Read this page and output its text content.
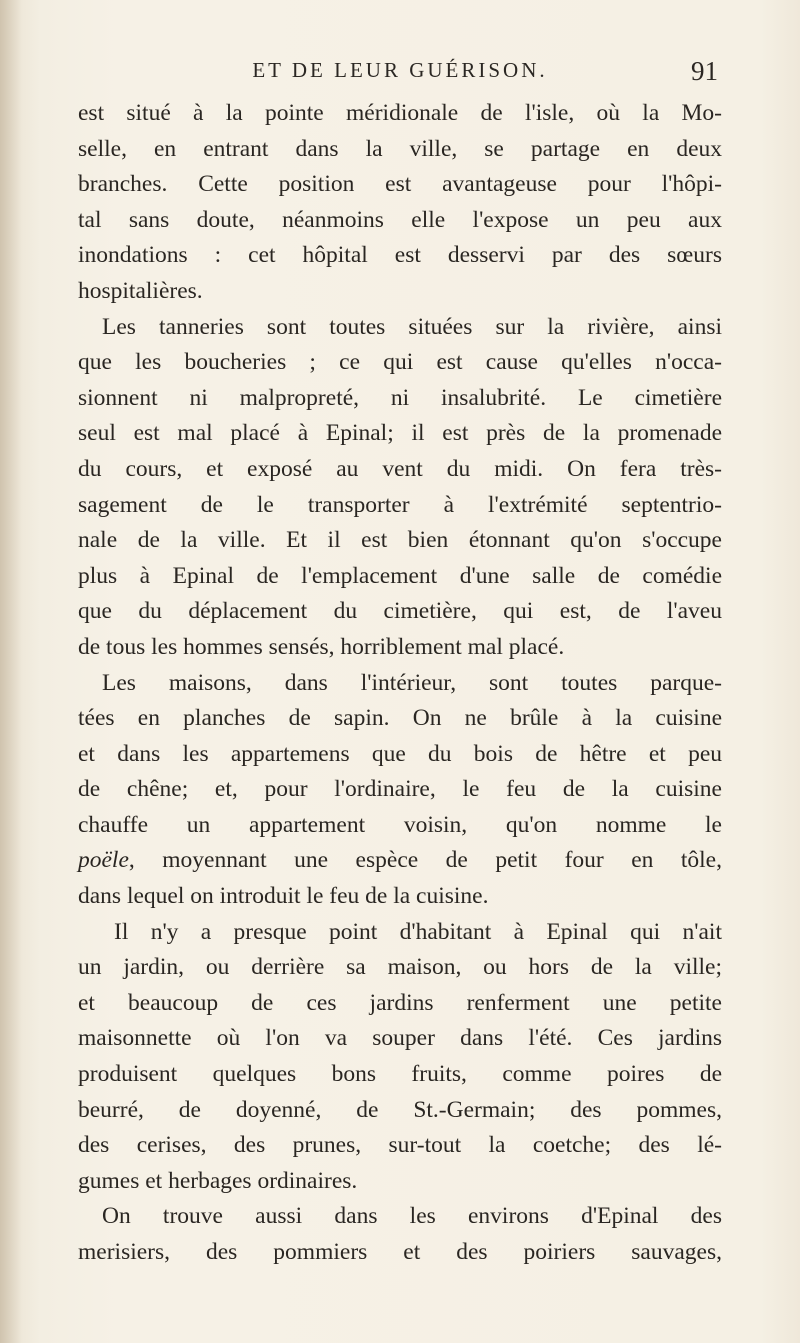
ET DE LEUR GUÉRISON.	91
est situé à la pointe méridionale de l'isle, où la Mo-
selle, en entrant dans la ville, se partage en deux
branches. Cette position est avantageuse pour l'hôpi-
tal sans doute, néanmoins elle l'expose un peu aux
inondations : cet hôpital est desservi par des sœurs
hospitalières.
Les tanneries sont toutes situées sur la rivière, ainsi
que les boucheries ; ce qui est cause qu'elles n'occa-
sionnent ni malpropreté, ni insalubrité. Le cimetière
seul est mal placé à Epinal; il est près de la promenade
du cours, et exposé au vent du midi. On fera très-
sagement de le transporter à l'extrémité septentrio-
nale de la ville. Et il est bien étonnant qu'on s'occupe
plus à Epinal de l'emplacement d'une salle de comédie
que du déplacement du cimetière, qui est, de l'aveu
de tous les hommes sensés, horriblement mal placé.
Les maisons, dans l'intérieur, sont toutes parque-
tées en planches de sapin. On ne brûle à la cuisine
et dans les appartemens que du bois de hêtre et peu
de chêne; et, pour l'ordinaire, le feu de la cuisine
chauffe un appartement voisin, qu'on nomme le
poële, moyennant une espèce de petit four en tôle,
dans lequel on introduit le feu de la cuisine.
Il n'y a presque point d'habitant à Epinal qui n'ait
un jardin, ou derrière sa maison, ou hors de la ville;
et beaucoup de ces jardins renferment une petite
maisonnette où l'on va souper dans l'été. Ces jardins
produisent quelques bons fruits, comme poires de
beurré, de doyenné, de St.-Germain; des pommes,
des cerises, des prunes, sur-tout la coetche; des lé-
gumes et herbages ordinaires.
On trouve aussi dans les environs d'Epinal des
merisiers, des pommiers et des poiriers sauvages,
